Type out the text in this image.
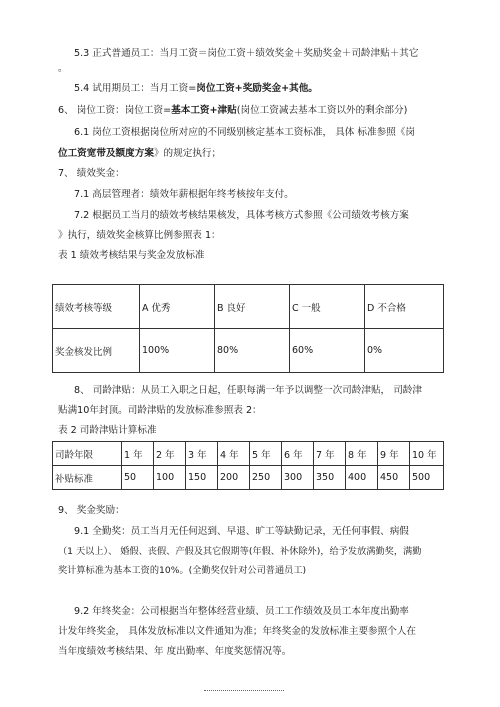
5.3 正式普通员工：当月工资＝岗位工资＋绩效奖金＋奖励奖金＋司龄津贴＋其它
。
5.4 试用期员工：当月工资=岗位工资+奖励奖金+其他。
6、 岗位工资：岗位工资=基本工资+津贴(岗位工资减去基本工资以外的剩余部分)
6.1 岗位工资根据岗位所对应的不同级别核定基本工资标准， 具体 标准参照《岗
位工资宽带及额度方案》的规定执行；
7、 绩效奖金：
7.1 高层管理者：绩效年薪根据年终考核按年支付。
7.2 根据员工当月的绩效考核结果核发，具体考核方式参照《公司绩效考核方案
》执行，绩效奖金核算比例参照表 1：
表 1 绩效考核结果与奖金发放标准
绩效考核等级	A 优秀	B 良好	C 一般	D 不合格
奖金核发比例	100%	80%	60%	0%
8、 司龄津贴：从员工入职之日起，任职每满一年予以调整一次司龄津贴， 司龄津
贴满10年封顶。司龄津贴的发放标准参照表 2：
表 2 司龄津贴计算标准
司龄年限	1 年	2 年	3 年	4 年	5 年	6 年	7 年	8 年	9 年	10 年
补贴标准	50	100	150	200	250	300	350	400	450	500
9、 奖金奖励：
9.1 全勤奖：员工当月无任何迟到、早退、旷工等缺勤记录，无任何事假、病假
（1 天以上）、 婚假、丧假、产假及其它假期等(年假、补休除外)，给予发放满勤奖，满勤
奖计算标准为基本工资的10%。(全勤奖仅针对公司普通员工)
9.2 年终奖金：公司根据当年整体经营业绩、员工工作绩效及员工本年度出勤率
计发年终奖金， 具体发放标准以文件通知为准；年终奖金的发放标准主要参照个人在
当年度绩效考核结果、年 度出勤率、年度奖惩情况等。
